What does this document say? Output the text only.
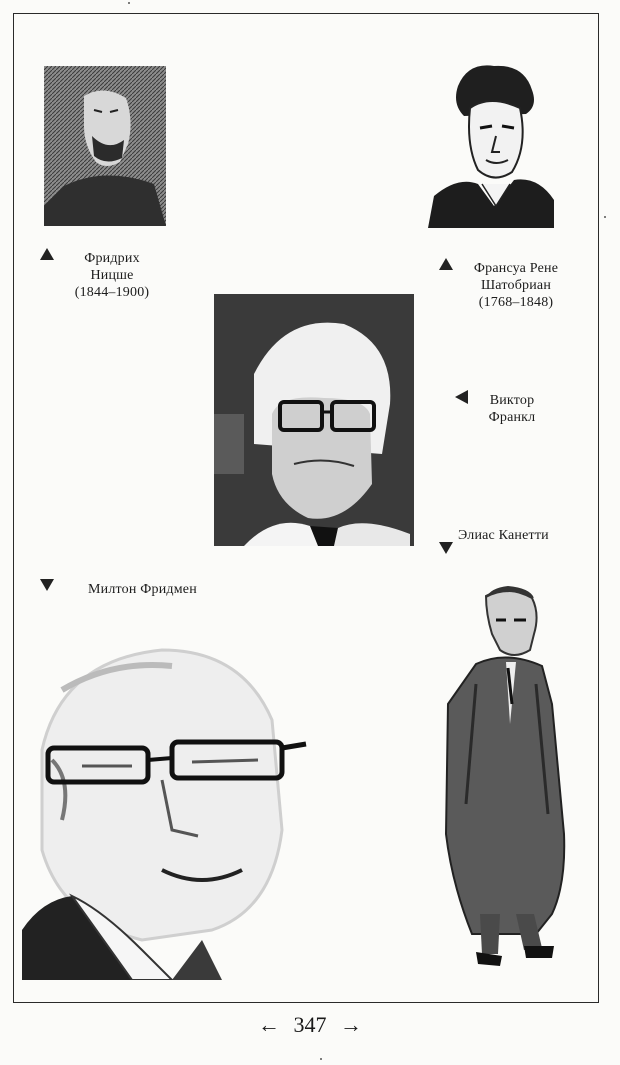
Фридрих
Ницше
(1844–1900)
Франсуа Рене
Шатобриан
(1768–1848)
Виктор
Франкл
Элиас Канетти
Милтон Фридмен
← 347 →
